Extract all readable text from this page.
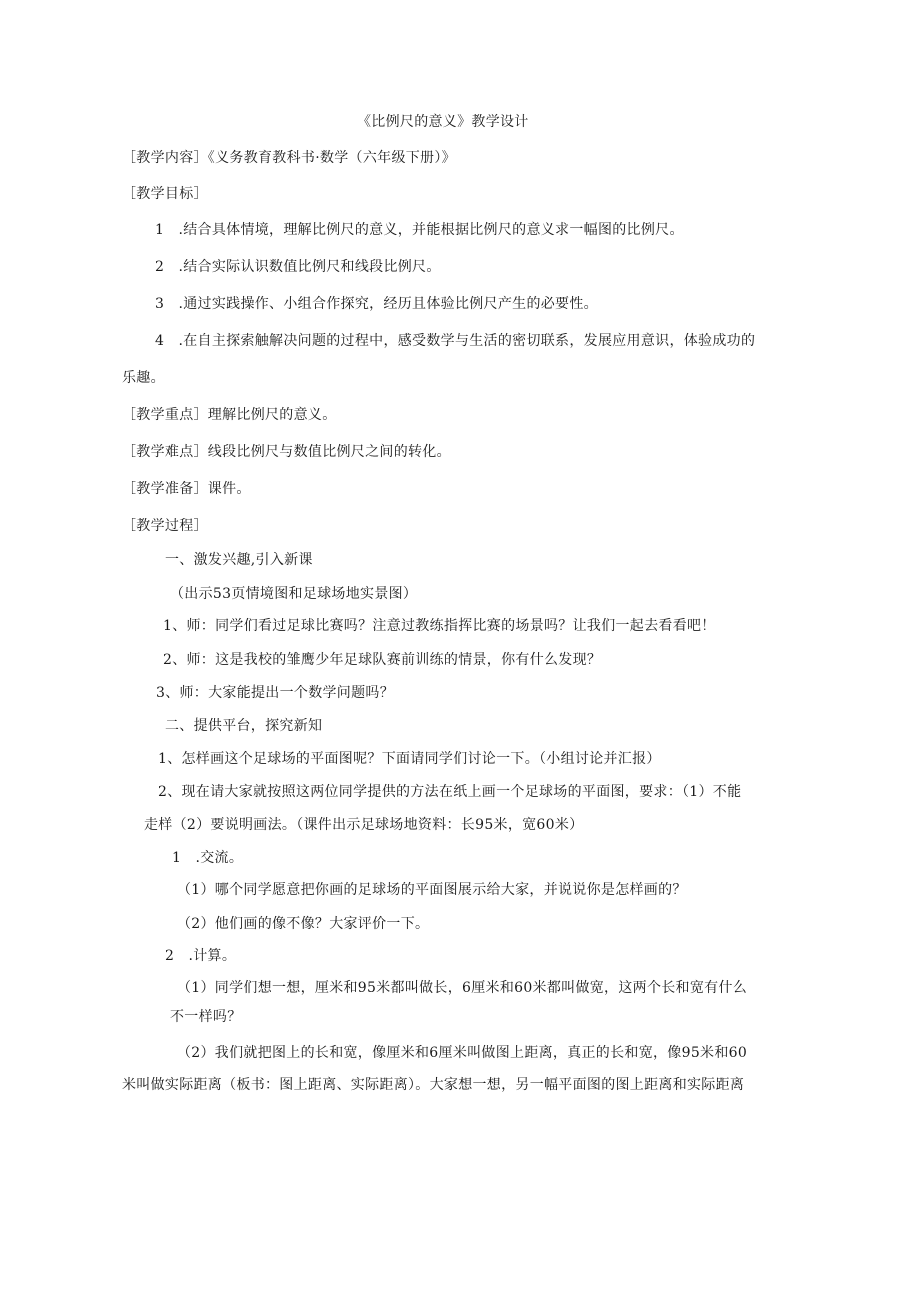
《比例尺的意义》教学设计
［教学内容］《义务教育教科书·数学（六年级下册）》
［教学目标］
1　.结合具体情境，理解比例尺的意义，并能根据比例尺的意义求一幅图的比例尺。
2　.结合实际认识数值比例尺和线段比例尺。
3　.通过实践操作、小组合作探究，经历且体验比例尺产生的必要性。
4　.在自主探索触解决问题的过程中，感受数学与生活的密切联系，发展应用意识，体验成功的
乐趣。
［教学重点］理解比例尺的意义。
［教学难点］线段比例尺与数值比例尺之间的转化。
［教学准备］课件。
［教学过程］
一、激发兴趣,引入新课
（出示53页情境图和足球场地实景图）
1、师：同学们看过足球比赛吗？注意过教练指挥比赛的场景吗？让我们一起去看看吧！
2、师：这是我校的雏鹰少年足球队赛前训练的情景，你有什么发现？
3、师：大家能提出一个数学问题吗？
二、提供平台，探究新知
1、怎样画这个足球场的平面图呢？下面请同学们讨论一下。（小组讨论并汇报）
2、现在请大家就按照这两位同学提供的方法在纸上画一个足球场的平面图，要求：（1）不能
走样（2）要说明画法。（课件出示足球场地资料：长95米，宽60米）
1　.交流。
（1）哪个同学愿意把你画的足球场的平面图展示给大家，并说说你是怎样画的？
（2）他们画的像不像？大家评价一下。
2　.计算。
（1）同学们想一想，厘米和95米都叫做长，6厘米和60米都叫做宽，这两个长和宽有什么
不一样吗？
（2）我们就把图上的长和宽，像厘米和6厘米叫做图上距离，真正的长和宽，像95米和60
米叫做实际距离（板书：图上距离、实际距离）。大家想一想，另一幅平面图的图上距离和实际距离
